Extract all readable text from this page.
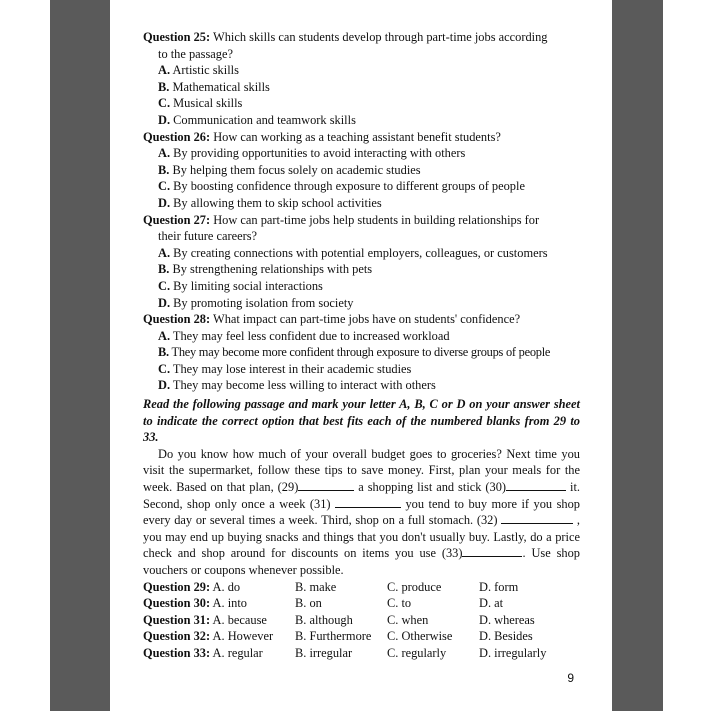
Question 25: Which skills can students develop through part-time jobs according
to the passage?
A. Artistic skills
B. Mathematical skills
C. Musical skills
D. Communication and teamwork skills
Question 26: How can working as a teaching assistant benefit students?
A. By providing opportunities to avoid interacting with others
B. By helping them focus solely on academic studies
C. By boosting confidence through exposure to different groups of people
D. By allowing them to skip school activities
Question 27: How can part-time jobs help students in building relationships for
their future careers?
A. By creating connections with potential employers, colleagues, or customers
B. By strengthening relationships with pets
C. By limiting social interactions
D. By promoting isolation from society
Question 28: What impact can part-time jobs have on students' confidence?
A. They may feel less confident due to increased workload
B. They may become more confident through exposure to diverse groups of people
C. They may lose interest in their academic studies
D. They may become less willing to interact with others
Read the following passage and mark your letter A, B, C or D on your answer sheet to indicate the correct option that best fits each of the numbered blanks from 29 to 33.
Do you know how much of your overall budget goes to groceries? Next time you visit the supermarket, follow these tips to save money. First, plan your meals for the week. Based on that plan, (29)	a shopping list and stick (30)	it. Second, shop only once a week (31)	you tend to buy more if you shop every day or several times a week. Third, shop on a full stomach. (32)	, you may end up buying snacks and things that you don't usually buy. Lastly, do a price check and shop around for discounts on items you use (33)	. Use shop vouchers or coupons whenever possible.
Question 29: A. do	B. make	C. produce	D. form
Question 30: A. into	B. on	C. to	D. at
Question 31: A. because	B. although	C. when	D. whereas
Question 32: A. However	B. Furthermore	C. Otherwise	D. Besides
Question 33: A. regular	B. irregular	C. regularly	D. irregularly
9
